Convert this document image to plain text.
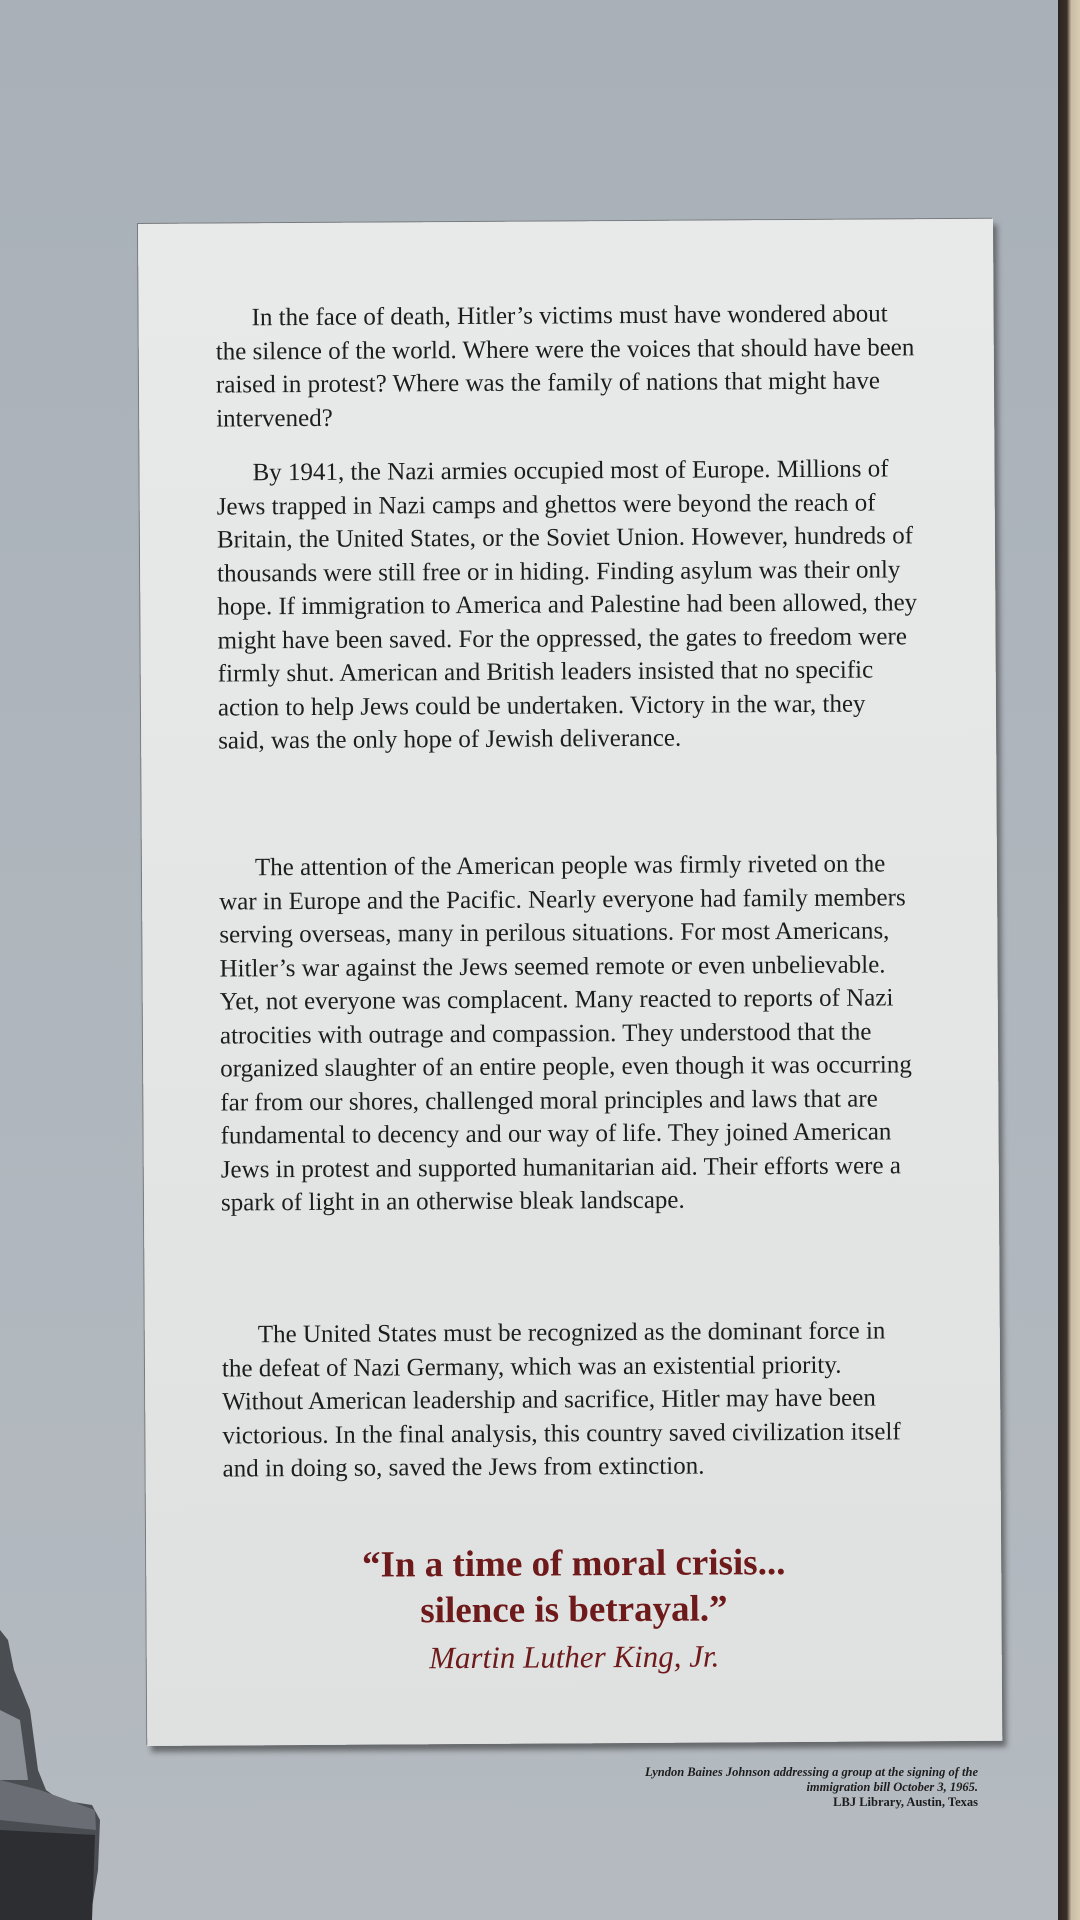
In the face of death, Hitler’s victims must have wondered about the silence of the world. Where were the voices that should have been raised in protest? Where was the family of nations that might have intervened?

By 1941, the Nazi armies occupied most of Europe. Millions of Jews trapped in Nazi camps and ghettos were beyond the reach of Britain, the United States, or the Soviet Union. However, hundreds of thousands were still free or in hiding. Finding asylum was their only hope. If immigration to America and Palestine had been allowed, they might have been saved. For the oppressed, the gates to freedom were firmly shut. American and British leaders insisted that no specific action to help Jews could be undertaken. Victory in the war, they said, was the only hope of Jewish deliverance.

The attention of the American people was firmly riveted on the war in Europe and the Pacific. Nearly everyone had family members serving overseas, many in perilous situations. For most Americans, Hitler’s war against the Jews seemed remote or even unbelievable. Yet, not everyone was complacent. Many reacted to reports of Nazi atrocities with outrage and compassion. They understood that the organized slaughter of an entire people, even though it was occurring far from our shores, challenged moral principles and laws that are fundamental to decency and our way of life. They joined American Jews in protest and supported humanitarian aid. Their efforts were a spark of light in an otherwise bleak landscape.

The United States must be recognized as the dominant force in the defeat of Nazi Germany, which was an existential priority. Without American leadership and sacrifice, Hitler may have been victorious. In the final analysis, this country saved civilization itself and in doing so, saved the Jews from extinction.

“In a time of moral crisis...
silence is betrayal.”
Martin Luther King, Jr.
Lyndon Baines Johnson addressing a group at the signing of the
immigration bill October 3, 1965.
LBJ Library, Austin, Texas
